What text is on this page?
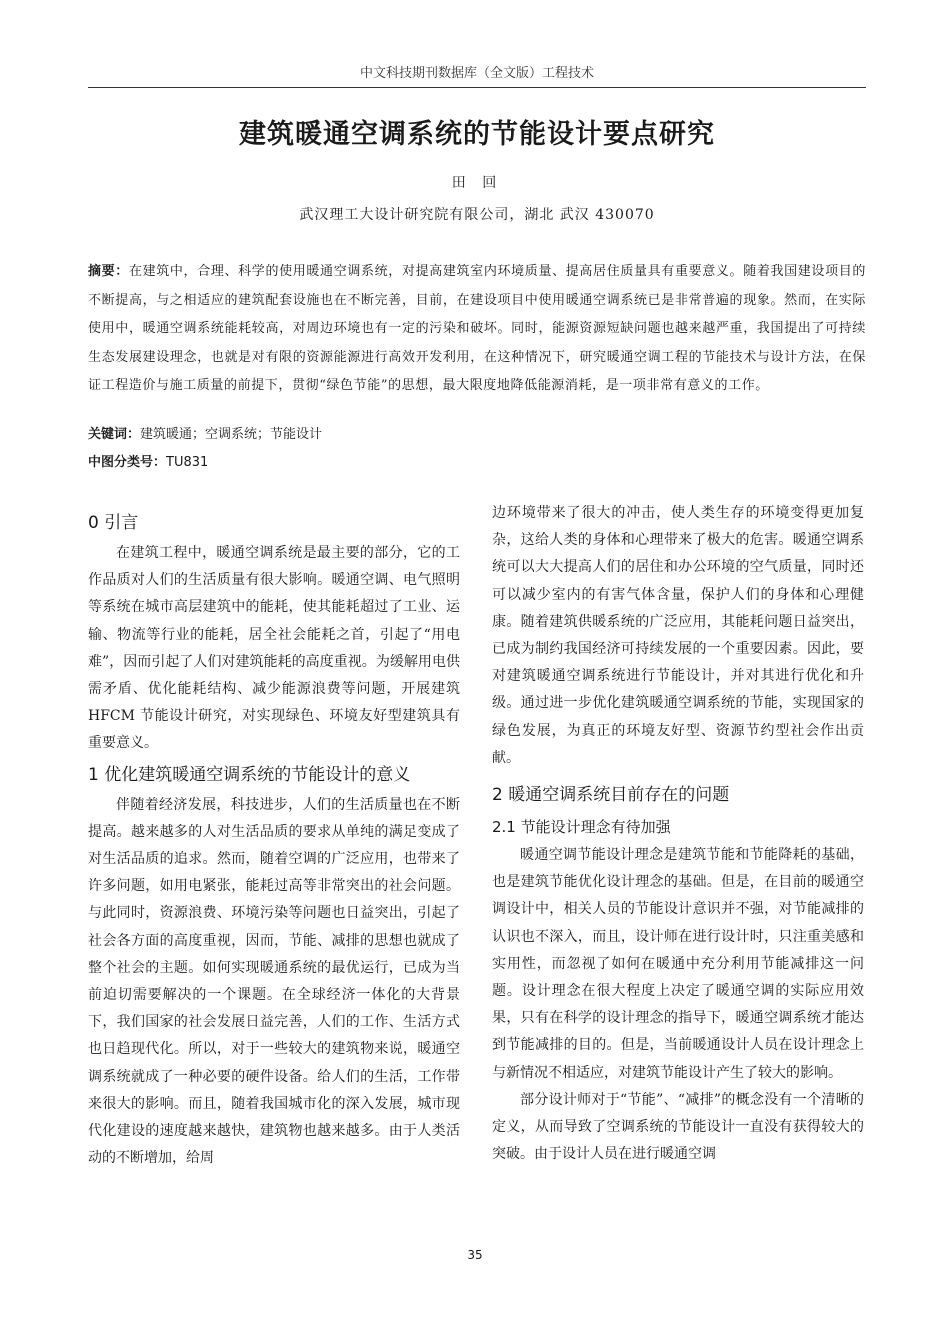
中文科技期刊数据库（全文版）工程技术
建筑暖通空调系统的节能设计要点研究
田 回
武汉理工大设计研究院有限公司，湖北 武汉 430070
摘要：在建筑中，合理、科学的使用暖通空调系统，对提高建筑室内环境质量、提高居住质量具有重要意义。随着我国建设项目的不断提高，与之相适应的建筑配套设施也在不断完善，目前，在建设项目中使用暖通空调系统已是非常普遍的现象。然而，在实际使用中，暖通空调系统能耗较高，对周边环境也有一定的污染和破坏。同时，能源资源短缺问题也越来越严重，我国提出了可持续生态发展建设理念，也就是对有限的资源能源进行高效开发利用，在这种情况下，研究暖通空调工程的节能技术与设计方法，在保证工程造价与施工质量的前提下，贯彻“绿色节能”的思想，最大限度地降低能源消耗，是一项非常有意义的工作。
关键词：建筑暖通；空调系统；节能设计
中图分类号：TU831
0 引言

在建筑工程中，暖通空调系统是最主要的部分，它的工作品质对人们的生活质量有很大影响。暖通空调、电气照明等系统在城市高层建筑中的能耗，使其能耗超过了工业、运输、物流等行业的能耗，居全社会能耗之首，引起了“用电难”，因而引起了人们对建筑能耗的高度重视。为缓解用电供需矛盾、优化能耗结构、减少能源浪费等问题，开展建筑 HFCM 节能设计研究，对实现绿色、环境友好型建筑具有重要意义。

1 优化建筑暖通空调系统的节能设计的意义

伴随着经济发展，科技进步，人们的生活质量也在不断提高。越来越多的人对生活品质的要求从单纯的满足变成了对生活品质的追求。然而，随着空调的广泛应用，也带来了许多问题，如用电紧张，能耗过高等非常突出的社会问题。与此同时，资源浪费、环境污染等问题也日益突出，引起了社会各方面的高度重视，因而，节能、减排的思想也就成了整个社会的主题。如何实现暖通系统的最优运行，已成为当前迫切需要解决的一个课题。在全球经济一体化的大背景下，我们国家的社会发展日益完善，人们的工作、生活方式也日趋现代化。所以，对于一些较大的建筑物来说，暖通空调系统就成了一种必要的硬件设备。给人们的生活，工作带来很大的影响。而且，随着我国城市化的深入发展，城市现代化建设的速度越来越快，建筑物也越来越多。由于人类活动的不断增加，给周

边环境带来了很大的冲击，使人类生存的环境变得更加复杂，这给人类的身体和心理带来了极大的危害。暖通空调系统可以大大提高人们的居住和办公环境的空气质量，同时还可以减少室内的有害气体含量，保护人们的身体和心理健康。随着建筑供暖系统的广泛应用，其能耗问题日益突出，已成为制约我国经济可持续发展的一个重要因素。因此，要对建筑暖通空调系统进行节能设计，并对其进行优化和升级。通过进一步优化建筑暖通空调系统的节能，实现国家的绿色发展，为真正的环境友好型、资源节约型社会作出贡献。

2 暖通空调系统目前存在的问题
2.1 节能设计理念有待加强

暖通空调节能设计理念是建筑节能和节能降耗的基础，也是建筑节能优化设计理念的基础。但是，在目前的暖通空调设计中，相关人员的节能设计意识并不强，对节能减排的认识也不深入，而且，设计师在进行设计时，只注重美感和实用性，而忽视了如何在暖通中充分利用节能减排这一问题。设计理念在很大程度上决定了暖通空调的实际应用效果，只有在科学的设计理念的指导下，暖通空调系统才能达到节能减排的目的。但是，当前暖通设计人员在设计理念上与新情况不相适应，对建筑节能设计产生了较大的影响。

部分设计师对于“节能”、“减排”的概念没有一个清晰的定义，从而导致了空调系统的节能设计一直没有获得较大的突破。由于设计人员在进行暖通空调

35
